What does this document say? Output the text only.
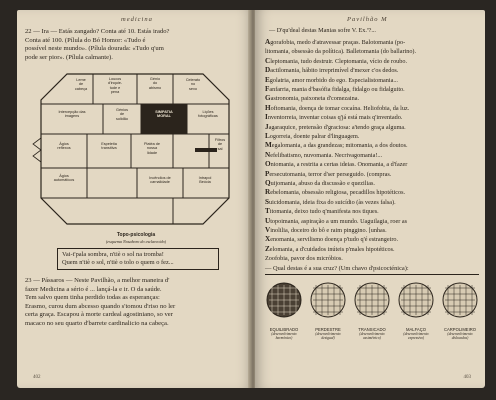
medicina
22 — Ira — Estás zangado? Conta até 10. Estás irado?
Conta até 100. (Pílula do Bó Homor: «Tudo é
possível neste mundo». (Pílula dourada: «Tudo q'um
pode ser pior». (Pílula calmante).
Leme
de
cabeça
Loucos
d'inquie-
tude e
pena
Génio
do
abismo
Celerato
no
sexo
Intercepção das
imagens
Génios
de
solidão
SIMPATIA
MORAL
Lições
fotográficas
Ágios
reflexos
Espeletia
transitiva
Platéa de
nossa
lidade
Filtros
de
sal
Ágios
automáticos
Incêndios de
carnalidade
Intrapol
Beócia
Topo-psicologia
(esquema Nosaboro do esclarecido)
Vai-t'pala sombra, n'tiè o sol na tromba!
Quem n'tiè o sol, n'tiè o tolo o quem o fez...
23 — Pássaros — Neste Pavilhão, a melhor maneira d'
fazer Medicina a sério é ... lançá-la e ir. O da saúde.
Tem salvo quem tinha perdido todas as esperanças:
Erasmo, curou dum abcesso quando s'tomou d'riso no ler
certa graça. Escapou à morte cardeal agostiniano, so ver
macaco no seu quarto d'barrete cardinalicio na cabeça.
402
Pavilhão M
— D'qu'deal destas Manias sofre V. Ex.ª?...
Agorafobia, medo d'atravessar praças. Balotomania (po-
litomania, obsessão da política). Balletomania (do ballarino).
Cleptomania, tudo destruir. Cleptomania, vício de roubo.
Dactilomania, hábito irreprimível d'mexer c'os dedos.
Egolatria, amor morbido do ego. Especialistomania...
Fanfarria, mania d'basófia fidalga, fidalgo ou fidalguito.
Gastronomia, paixoneta d'comezaina.
Hoftomania, doença de tomar cocaína. Heliofobia, da luz.
Inventorreia, inventar coisas q'já está mais q'inventado.
Jagaraquice, pretensão d'graciosa: a'tendo graça alguma.
Logorreia, doente palrar d'linguagem.
Megalomania, a das grandezas; mitomania, a dos doutos.
Nefelibatismo, nuvomania. Necrivagomania!...
Oniomania, a restrita a certas ideias. Onomania, a d'fazer
Persecutomania, terror d'ser perseguido. (compras.
Quijomania, abuso da discussão e quezilias.
Rebelomania, obsessão religiosa, pecadillos hipotéticos.
Suicidomania, ideia fixa do suicídio (às vezes falsa).
Titomania, deixo tudo q'manifesta nos tiques.
Utopoimania, aspiração a um mundo. Uaguilagia, roer as
Vinolilia, doceiro do bô e raim pinggino. [unhas.
Xenomania, servilismo doença p'tudo q'é estrangeiro.
Zelomania, a d'cuidados inúteis p'males hipotéticos.
Zoofobia, pavor dos micróbios.
— Qual destas é a sua cruz? (Um chavo d'psicocténica):
EQUILIBRADO
(desenvolvimento
harmónico)
PERDESTRE
(desenvolvimento
desigual)
TRANSICADO
(desenvolvimento
assimétrico)
MALFAÇO
(desenvolvimento
expressivo)
CARPOLIMEIRO
(desenvolvimento
dislocados)
403
